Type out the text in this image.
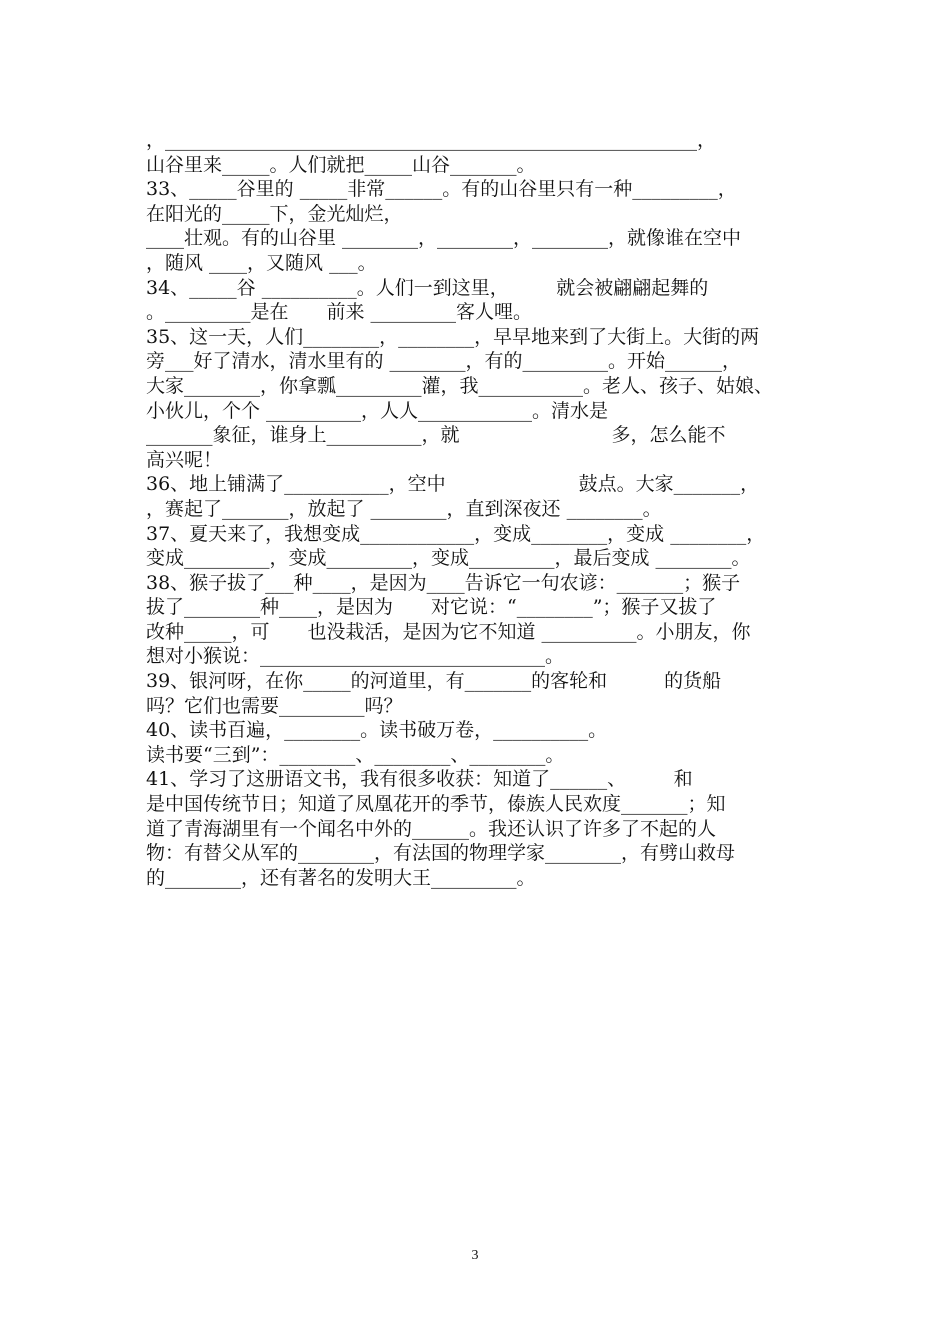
，________________________________________________________，
山谷里来_____。人们就把_____山谷_______。
33、_____谷里的 _____非常______。有的山谷里只有一种_________，
在阳光的_____下，金光灿烂，
____壮观。有的山谷里 ________，________，________，就像谁在空中
，随风 ____，又随风 ___。
34、_____谷 __________。人们一到这里，　　　就会被翩翩起舞的
。_________是在　　前来 _________客人哩。
35、这一天，人们________，________，早早地来到了大街上。大街的两
旁___好了清水，清水里有的 ________，有的_________。开始______，
大家________，你拿瓢_________灌，我___________。老人、孩子、姑娘、
小伙儿，个个 __________，人人____________。清水是
_______象征，谁身上__________，就　　　　　　　　多，怎么能不
高兴呢！
36、地上铺满了___________，空中　　　　　　　鼓点。大家_______，
，赛起了_______，放起了 ________，直到深夜还 ________。
37、夏天来了，我想变成____________，变成________，变成 ________，
变成_________，变成_________，变成_________，最后变成 ________。
38、猴子拔了___种____，是因为____告诉它一句农谚：_______；猴子
拔了________种____，是因为　　对它说：“________”；猴子又拔了
改种_____，可　　也没栽活，是因为它不知道 __________。小朋友，你
想对小猴说：______________________________。
39、银河呀，在你_____的河道里，有_______的客轮和　　　的货船
吗？它们也需要_________吗？
40、读书百遍，________。读书破万卷，__________。
读书要“三到”：________、________、________。
41、学习了这册语文书，我有很多收获：知道了______、　　　和
是中国传统节日；知道了凤凰花开的季节，傣族人民欢度_______；知
道了青海湖里有一个闻名中外的______。我还认识了许多了不起的人
物：有替父从军的________，有法国的物理学家________，有劈山救母
的________，还有著名的发明大王_________。
3
